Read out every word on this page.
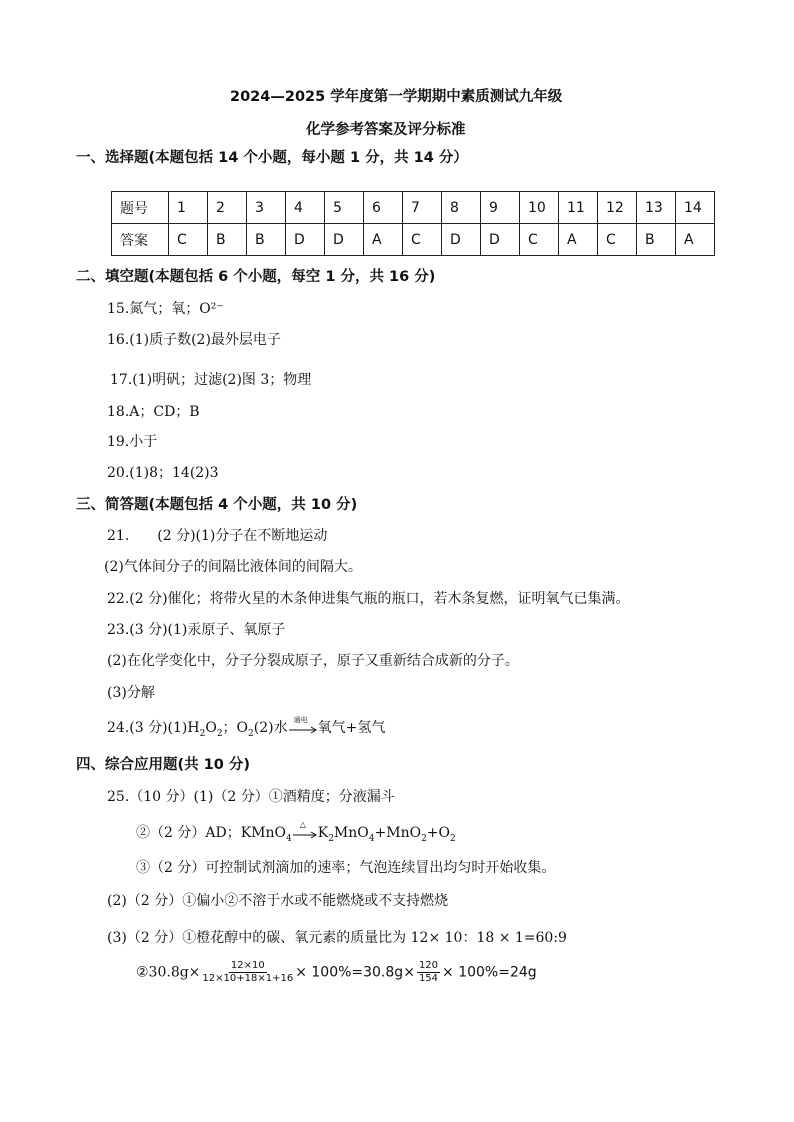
2024—2025 学年度第一学期期中素质测试九年级
化学参考答案及评分标准
一、选择题(本题包括 14 个小题，每小题 1 分，共 14 分）
题号	1	2	3	4	5	6	7	8	9	10	11	12	13	14
答案	C	B	B	D	D	A	C	D	D	C	A	C	B	A
二、填空题(本题包括 6 个小题，每空 1 分，共 16 分)
15.氮气；氧；O²⁻
16.(1)质子数(2)最外层电子
17.(1)明矾；过滤(2)图 3；物理
18.A；CD；B
19.小于
20.(1)8；14(2)3
三、简答题(本题包括 4 个小题，共 10 分)
21.　　(2 分)(1)分子在不断地运动
(2)气体间分子的间隔比液体间的间隔大。
22.(2 分)催化；将带火星的木条伸进集气瓶的瓶口，若木条复燃，证明氧气已集满。
23.(3 分)(1)汞原子、氧原子
(2)在化学变化中，分子分裂成原子，原子又重新结合成新的分子。
(3)分解
24.(3 分)$(1)H_2O_2$；$O_2(2)$水 通电 氧气+氢气
四、综合应用题(共 10 分)
25.（10 分）(1)（2 分）①酒精度；分液漏斗
②（2 分）AD；KMnO$_4$
△
$K_2MnO_4+MnO_2+O_2$
③（2 分）可控制试剂滴加的速率；气泡连续冒出均匀时开始收集。
(2)（2 分）①偏小②不溶于水或不能燃烧或不支持燃烧
(3)（2 分）①橙花醇中的碳、氧元素的质量比为 12× 10：18 × 1=60:9
②30.8g× $\frac{12\times 10}{12\times 10+18\times 1+16} \times 100\%=30.8g\times \frac{120}{154} \times 100\%=24g$
